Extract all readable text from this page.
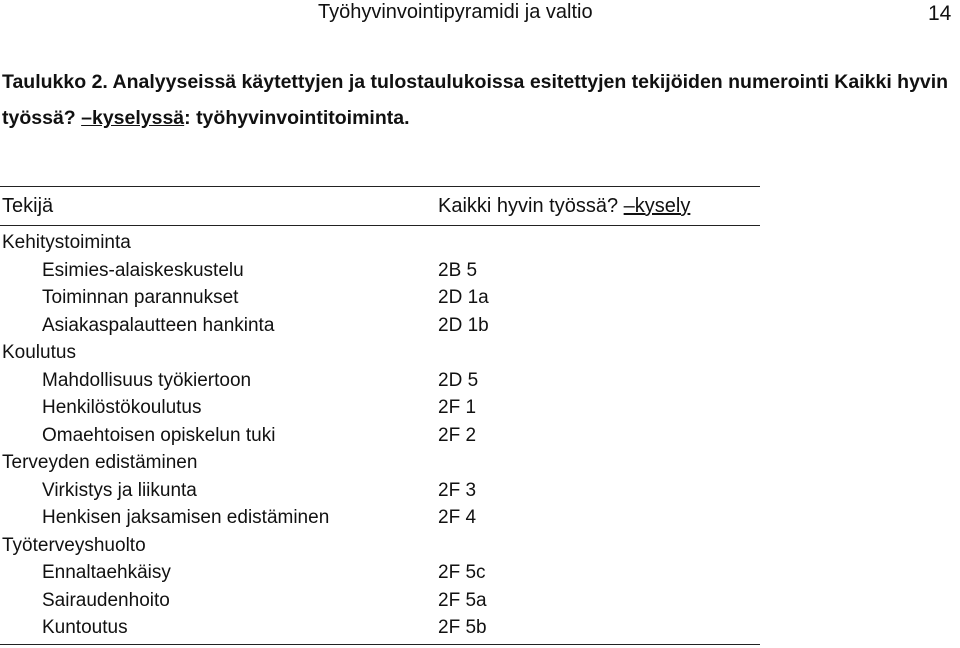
Työhyvinvointipyramidi ja valtio	14
Taulukko 2. Analyyseissä käytettyjen ja tulostaulukoissa esitettyjen tekijöiden numerointi Kaikki hyvin työssä? –kyselyssä: työhyvinvointitoiminta.
Tekijä	Kaikki hyvin työssä? –kysely
Kehitystoiminta
Esimies-alaiskeskustelu	2B 5
Toiminnan parannukset	2D 1a
Asiakaspalautteen hankinta	2D 1b
Koulutus
Mahdollisuus työkiertoon	2D 5
Henkilöstökoulutus	2F 1
Omaehtoisen opiskelun tuki	2F 2
Terveyden edistäminen
Virkistys ja liikunta	2F 3
Henkisen jaksamisen edistäminen	2F 4
Työterveyshuolto
Ennaltaehkäisy	2F 5c
Sairaudenhoito	2F 5a
Kuntoutus	2F 5b
